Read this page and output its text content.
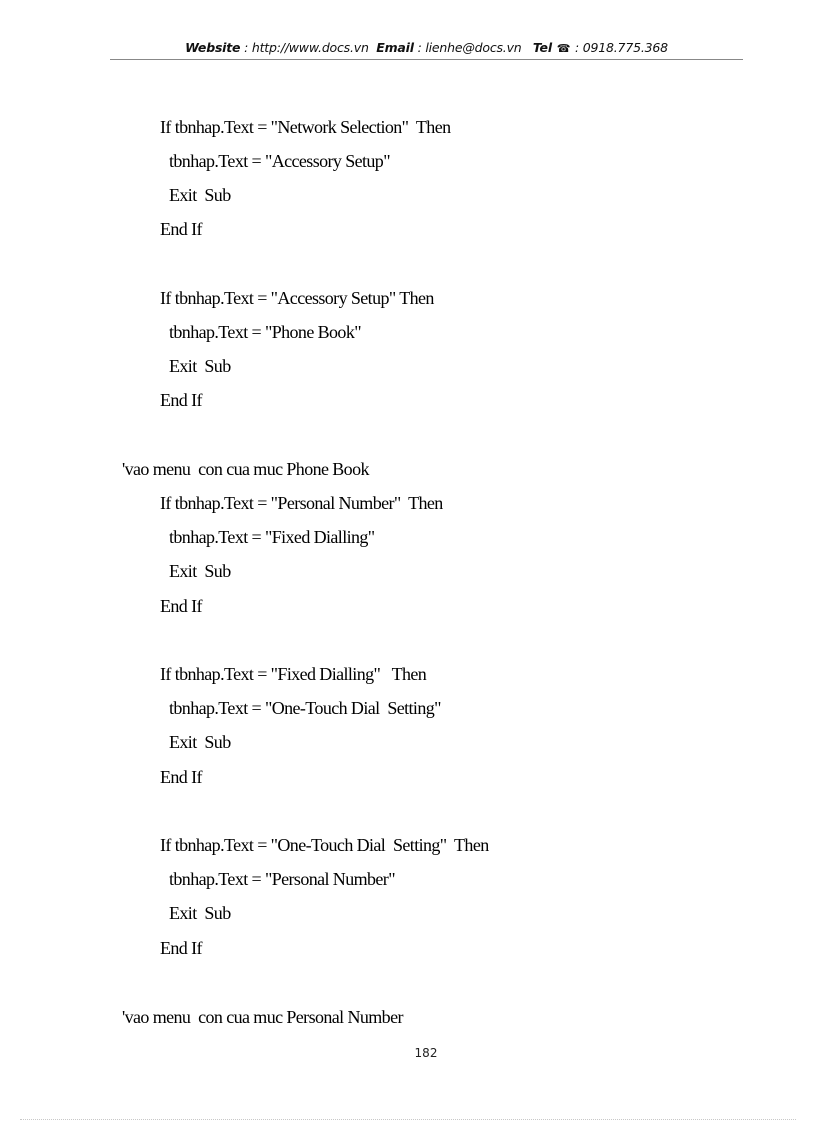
Website : http://www.docs.vn Email : lienhe@docs.vn Tel ☎ : 0918.775.368
If tbnhap.Text = "Network Selection"  Then
tbnhap.Text = "Accessory Setup"
Exit  Sub
End If
If tbnhap.Text = "Accessory Setup" Then
tbnhap.Text = "Phone Book"
Exit  Sub
End If
'vao menu  con cua muc Phone Book
If tbnhap.Text = "Personal Number"  Then
tbnhap.Text = "Fixed Dialling"
Exit  Sub
End If
If tbnhap.Text = "Fixed Dialling"   Then
tbnhap.Text = "One-Touch Dial  Setting"
Exit  Sub
End If
If tbnhap.Text = "One-Touch Dial  Setting"  Then
tbnhap.Text = "Personal Number"
Exit  Sub
End If
'vao menu  con cua muc Personal Number
182
